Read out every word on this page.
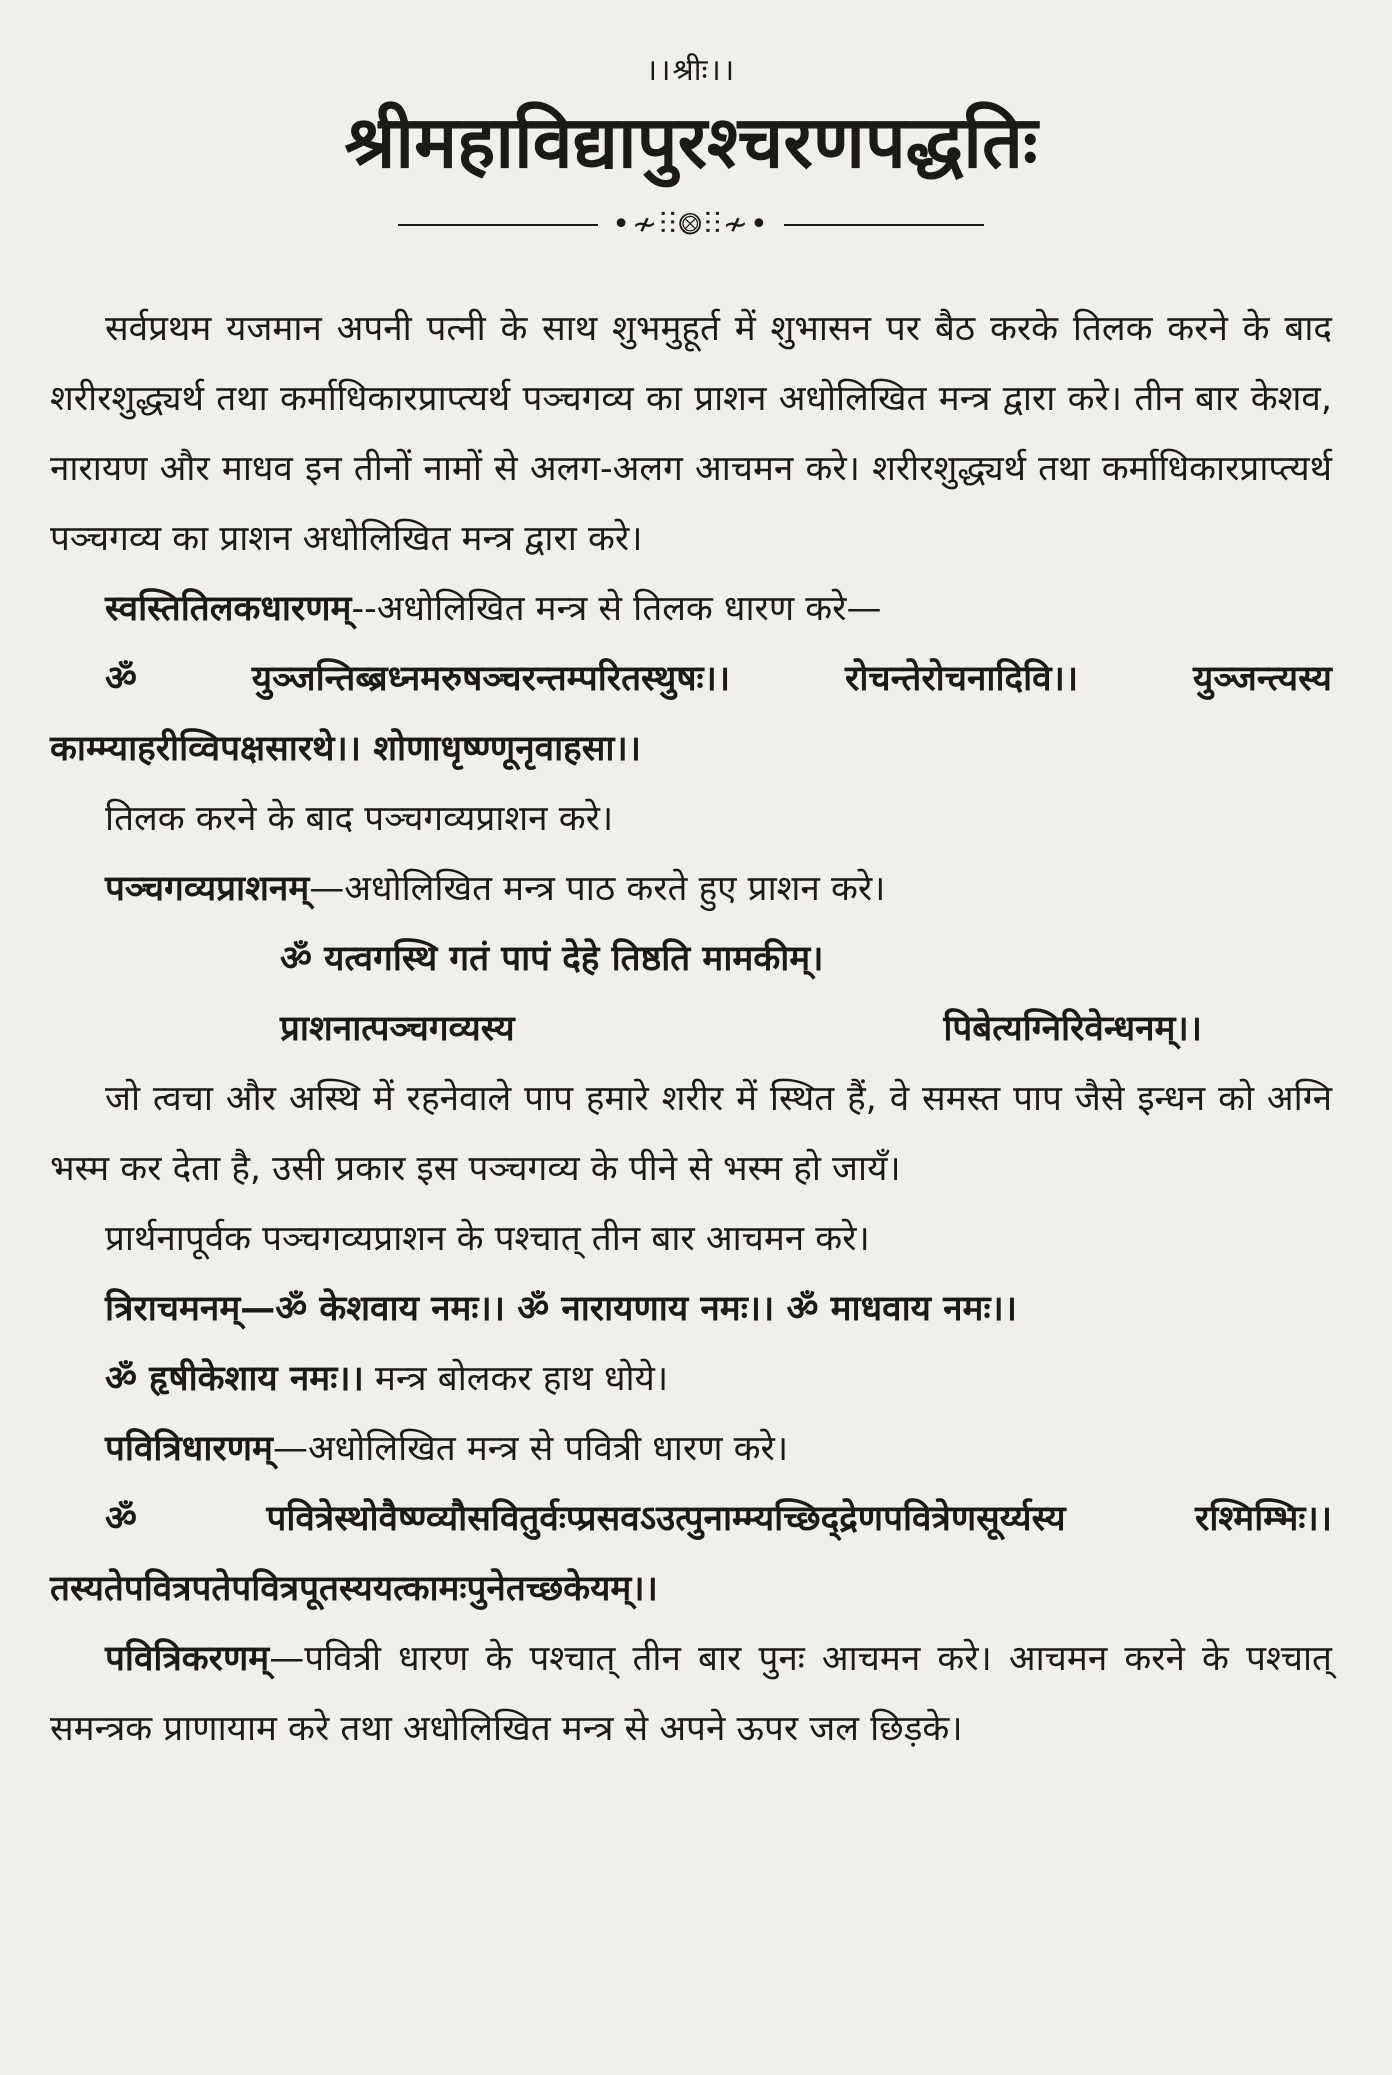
।।श्रीः।।
श्रीमहाविद्यापुरश्चरणपद्धतिः
•≁⫶⫶⨷⫶⫶≁•

सर्वप्रथम यजमान अपनी पत्नी के साथ शुभमुहूर्त में शुभासन पर बैठ करके तिलक करने के बाद शरीरशुद्ध्यर्थ तथा कर्माधिकारप्राप्त्यर्थ पञ्चगव्य का प्राशन अधोलिखित मन्त्र द्वारा करे। तीन बार केशव, नारायण और माधव इन तीनों नामों से अलग-अलग आचमन करे। शरीरशुद्ध्यर्थ तथा कर्माधिकारप्राप्त्यर्थ पञ्चगव्य का प्राशन अधोलिखित मन्त्र द्वारा करे।

स्वस्तितिलकधारणम्--अधोलिखित मन्त्र से तिलक धारण करे—

ॐ युञ्जन्तिब्ब्रध्नमरुषञ्चरन्तम्परितस्थुषः।। रोचन्तेरोचनादिवि।। युञ्जन्त्यस्य काम्म्याहरीव्विपक्षसारथे।। शोणाधृष्ण्णूनृवाहसा।।

तिलक करने के बाद पञ्चगव्यप्राशन करे।

पञ्चगव्यप्राशनम्—अधोलिखित मन्त्र पाठ करते हुए प्राशन करे।

ॐ यत्वगस्थि गतं पापं देहे तिष्ठति मामकीम्।
प्राशनात्पञ्चगव्यस्य	पिबेत्यग्निरिवेन्धनम्।।

जो त्वचा और अस्थि में रहनेवाले पाप हमारे शरीर में स्थित हैं, वे समस्त पाप जैसे इन्धन को अग्नि भस्म कर देता है, उसी प्रकार इस पञ्चगव्य के पीने से भस्म हो जायँ।

प्रार्थनापूर्वक पञ्चगव्यप्राशन के पश्चात् तीन बार आचमन करे।

त्रिराचमनम्—ॐ केशवाय नमः।। ॐ नारायणाय नमः।। ॐ माधवाय नमः।।

ॐ हृषीकेशाय नमः।। मन्त्र बोलकर हाथ धोये।

पवित्रिधारणम्—अधोलिखित मन्त्र से पवित्री धारण करे।

ॐ पवित्रेस्थोवैष्ण्व्यौसवितुर्वःप्प्रसवऽउत्पुनाम्म्यच्छिद्द्रेणपवित्रेणसूर्य्यस्य रश्मिम्भिः।। तस्यतेपवित्रपतेपवित्रपूतस्ययत्कामःपुनेतच्छकेयम्।।

पवित्रिकरणम्—पवित्री धारण के पश्चात् तीन बार पुनः आचमन करे। आचमन करने के पश्चात् समन्त्रक प्राणायाम करे तथा अधोलिखित मन्त्र से अपने ऊपर जल छिड़के।
